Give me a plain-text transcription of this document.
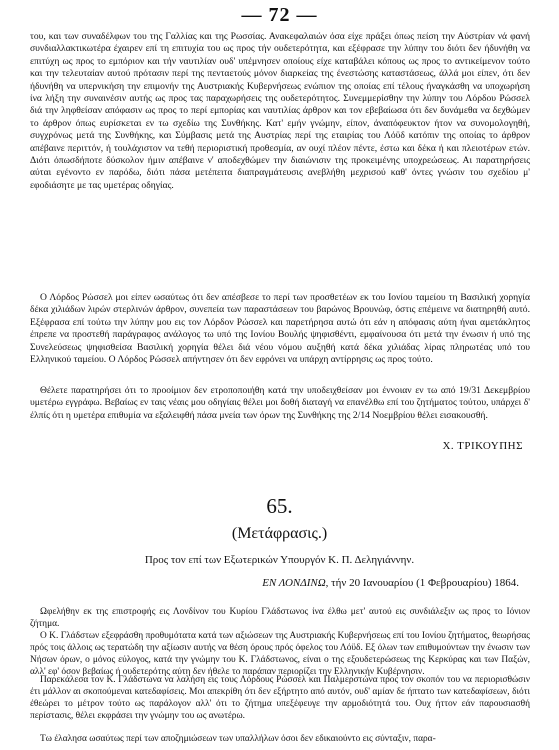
— 72 —

του, και των συναδέλφων του της Γαλλίας και της Ρωσσίας. Ανακεφαλαιών όσα είχε πράξει όπως πείση την Αύστρίαν νά φανή συνδιαλλακτικωτέρα έχαιρεν επί τη επιτυχία του ως προς τήν ουδετερότητα, και εξέφρασε την λύπην του διότι δεν ήδυνήθη να επιτύχη ως προς το εμπόριον και τήν ναυτιλίαν ουδ' υπέμνησεν οποίους είχε καταβάλει κόπους ως προς το αντικείμενον τούτο και την τελευταίαν αυτού πρότασιν περί της πενταετούς μόνον διαρκείας της ένεστώσης καταστάσεως, άλλά μοι είπεν, ότι δεν ήδυνήθη να υπερνικήση την επιμονήν της Αυστριακής Κυβερνήσεως ενώπιον της οποίας επί τέλους ήναγκάσθη να υποχωρήση ίνα λήξη την συναινέσιν αυτής ως προς τας παραχωρήσεις της ουδετερότητος. Συνεμμερίσθην την λύπην του Λόρδου Ρώσσελ διά την ληφθείσαν απόφασιν ως προς το περί εμπορίας και ναυτιλίας άρθρον και τον εβεβαίωσα ότι δεν δυνάμεθα να δεχθώμεν το άρθρον όπως ευρίσκεται εν τω σχεδίω της Συνθήκης. Κατ' εμήν γνώμην, είπον, άναπόφευκτον ήτον να συνομολογηθή, συγχρόνως μετά της Συνθήκης, και Σύμβασις μετά της Αυστρίας περί της εταιρίας του Λόϋδ κατόπιν της οποίας το άρθρον απέβαινε περιττόν, ή τουλάχιστον να τεθή περιοριστική προθεσμία, αν ουχί πλέον πέντε, έστω και δέκα ή και πλειοτέρων ετών. Διότι όπωσδήποτε δύσκολον ήμιν απέβαινε ν' αποδεχθώμεν την διαιώνισιν της προκειμένης υποχρεώσεως. Αι παρατηρήσεις αύται εγένοντο εν παρόδω, διότι πάσα μετέπειτα διαπραγμάτευσις ανεβλήθη μεχρισού καθ' όντες γνώσιν του σχεδίου μ' εφοδιάσητε με τας υμετέρας οδηγίας.

Ο Λόρδος Ρώσσελ μοι είπεν ωσαύτως ότι δεν απέσβεσε το περί των προσθετέων εκ του Ιονίου ταμείου τη Βασιλική χορηγία δέκα χιλιάδων λιρών στερλινών άρθρον, συνεπεία των παραστάσεων του βαρώνος Βρουνώφ, όστις επέμεινε να διατηρηθή αυτό. Εξέφρασα επί τούτω την λύπην μου εις τον Λόρδον Ρώσσελ και παρετήρησα αυτώ ότι εάν η απόφασις αύτη ήναι αμετάκλητος έπρεπε να προστεθή παράγραφος ανάλογος τω υπό της Ιονίου Βουλής ψηφισθέντι, εμφαίνουσα ότι μετά την ένωσιν ή υπό της Συνελεύσεως ψηφισθείσα Βασιλική χορηγία θέλει διά νέου νόμου αυξηθή κατά δέκα χιλιάδας λίρας πληρωτέας υπό του Ελληνικού ταμείου. Ο Λόρδος Ρώσσελ απήντησεν ότι δεν εφρόνει να υπάρχη αντίρρησις ως προς τούτο.

Θέλετε παρατηρήσει ότι το προοίμιον δεν ετροποποιήθη κατά την υποδειχθείσαν μοι έννοιαν εν τω από 19/31 Δεκεμβρίου υμετέρω εγγράφω. Βεβαίως εν ταις νέαις μου οδηγίαις θέλει μοι δοθή διαταγή να επανέλθω επί του ζητήματος τούτου, υπάρχει δ' έλπίς ότι η υμετέρα επιθυμία να εξαλειφθή πάσα μνεία των όρων της Συνθήκης της 2/14 Νοεμβρίου θέλει εισακουσθή.

Χ. ΤΡΙΚΟΥΠΗΣ
65.
(Μετάφρασις.)
Προς τον επί των Εξωτερικών Υπουργόν Κ. Π. Δεληγιάννην.
ΕΝ ΛΟΝΔΙΝΩ, τήν 20 Ιανουαρίου (1 Φεβρουαρίου) 1864.

Ωφελήθην εκ της επιστροφής εις Λονδίνον του Κυρίου Γλάδστωνος ίνα έλθω μετ' αυτού εις συνδιάλεξιν ως προς το Ιόνιον ζήτημα.

Ο Κ. Γλάδστων εξεφράσθη προθυμότατα κατά των αξιώσεων της Αυστριακής Κυβερνήσεως επί του Ιονίου ζητήματος, θεωρήσας πρός τοις άλλοις ως τερατώδη την αξίωσιν αυτής να θέση όρους πρός όφελος του Λόϋδ. Εξ όλων των επιθυμούντων την ένωσιν των Νήσων όρων, ο μόνος εύλογος, κατά την γνώμην του Κ. Γλάδστωνος, είναι ο της εξουδετερώσεως της Κερκύρας και των Παξών, αλλ' εφ' όσον βεβαίως ή ουδετερότης αύτη δεν ήθελε το παράπαν περιορίζει την Ελληνικήν Κυβέρνησιν.

Παρεκάλεσα τον Κ. Γλάδστωνα να λαλήση εις τους Λόρδους Ρώσσελ και Παλμερστώνα προς τον σκοπόν του να περιορισθώσιν έτι μάλλον αι σκοπούμεναι κατεδαφίσεις. Μοι απεκρίθη ότι δεν εξήρτητο από αυτόν, ουδ' αμίαν δε ήπτατο των κατεδαφίσεων, διότι έθεώρει το μέτρον τούτο ως παράλογον αλλ' ότι το ζήτημα υπεξέφευγε την αρμοδιότητά του. Ουχ ήττον εάν παρουσιασθή περίστασις, θέλει εκφράσει την γνώμην του ως ανωτέρω.

Τω έλαλησα ωσαύτως περί των αποζημιώσεων των υπαλλήλων όσοι δεν εδικαιούντο εις σύνταξιν, παρα-
